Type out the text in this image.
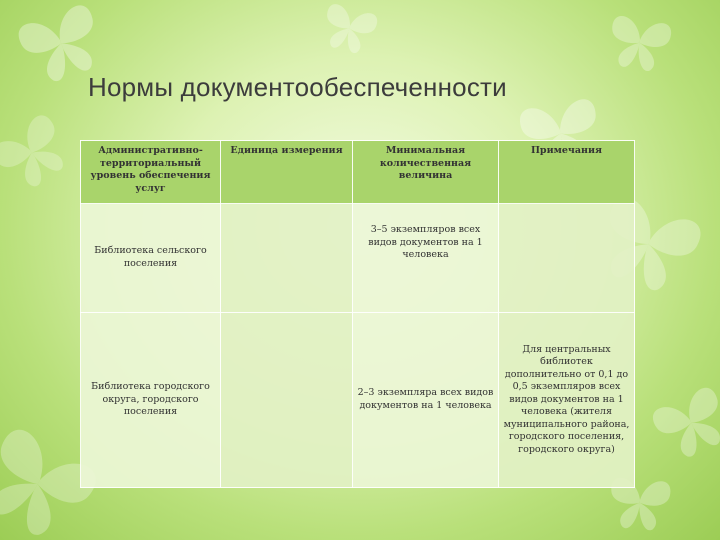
Нормы документообеспеченности
Административно-территориальный уровень обеспечения услуг	Единица измерения	Минимальная количественная величина	Примечания
Библиотека сельского поселения		3–5 экземпляров всех видов документов на 1 человека	
Библиотека городского округа, городского поселения		2–3 экземпляра всех видов документов на 1 человека	Для центральных библиотек дополнительно от 0,1 до 0,5 экземпляров всех видов документов на 1 человека (жителя муниципального района, городского поселения, городского округа)
